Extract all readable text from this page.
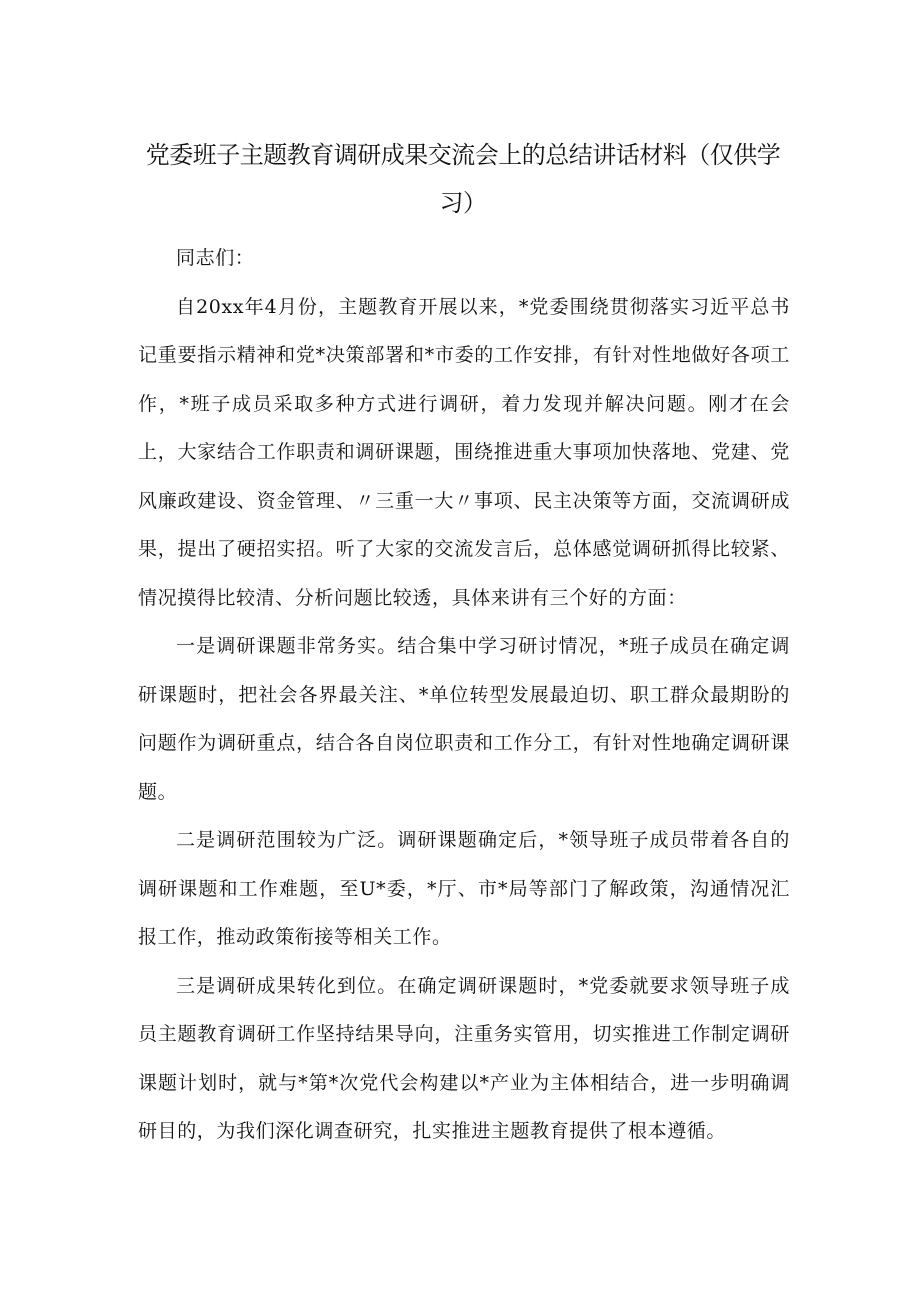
党委班子主题教育调研成果交流会上的总结讲话材料（仅供学
习）

同志们：

自20xx年4月份，主题教育开展以来，*党委围绕贯彻落实习近平总书记重要指示精神和党*决策部署和*市委的工作安排，有针对性地做好各项工作，*班子成员采取多种方式进行调研，着力发现并解决问题。刚才在会上，大家结合工作职责和调研课题，围绕推进重大事项加快落地、党建、党风廉政建设、资金管理、〃三重一大〃事项、民主决策等方面，交流调研成果，提出了硬招实招。听了大家的交流发言后，总体感觉调研抓得比较紧、情况摸得比较清、分析问题比较透，具体来讲有三个好的方面：

一是调研课题非常务实。结合集中学习研讨情况，*班子成员在确定调研课题时，把社会各界最关注、*单位转型发展最迫切、职工群众最期盼的问题作为调研重点，结合各自岗位职责和工作分工，有针对性地确定调研课题。

二是调研范围较为广泛。调研课题确定后，*领导班子成员带着各自的调研课题和工作难题，至U*委，*厅、市*局等部门了解政策，沟通情况汇报工作，推动政策衔接等相关工作。

三是调研成果转化到位。在确定调研课题时，*党委就要求领导班子成员主题教育调研工作坚持结果导向，注重务实管用，切实推进工作制定调研课题计划时，就与*第*次党代会构建以*产业为主体相结合，进一步明确调研目的，为我们深化调查研究，扎实推进主题教育提供了根本遵循。
